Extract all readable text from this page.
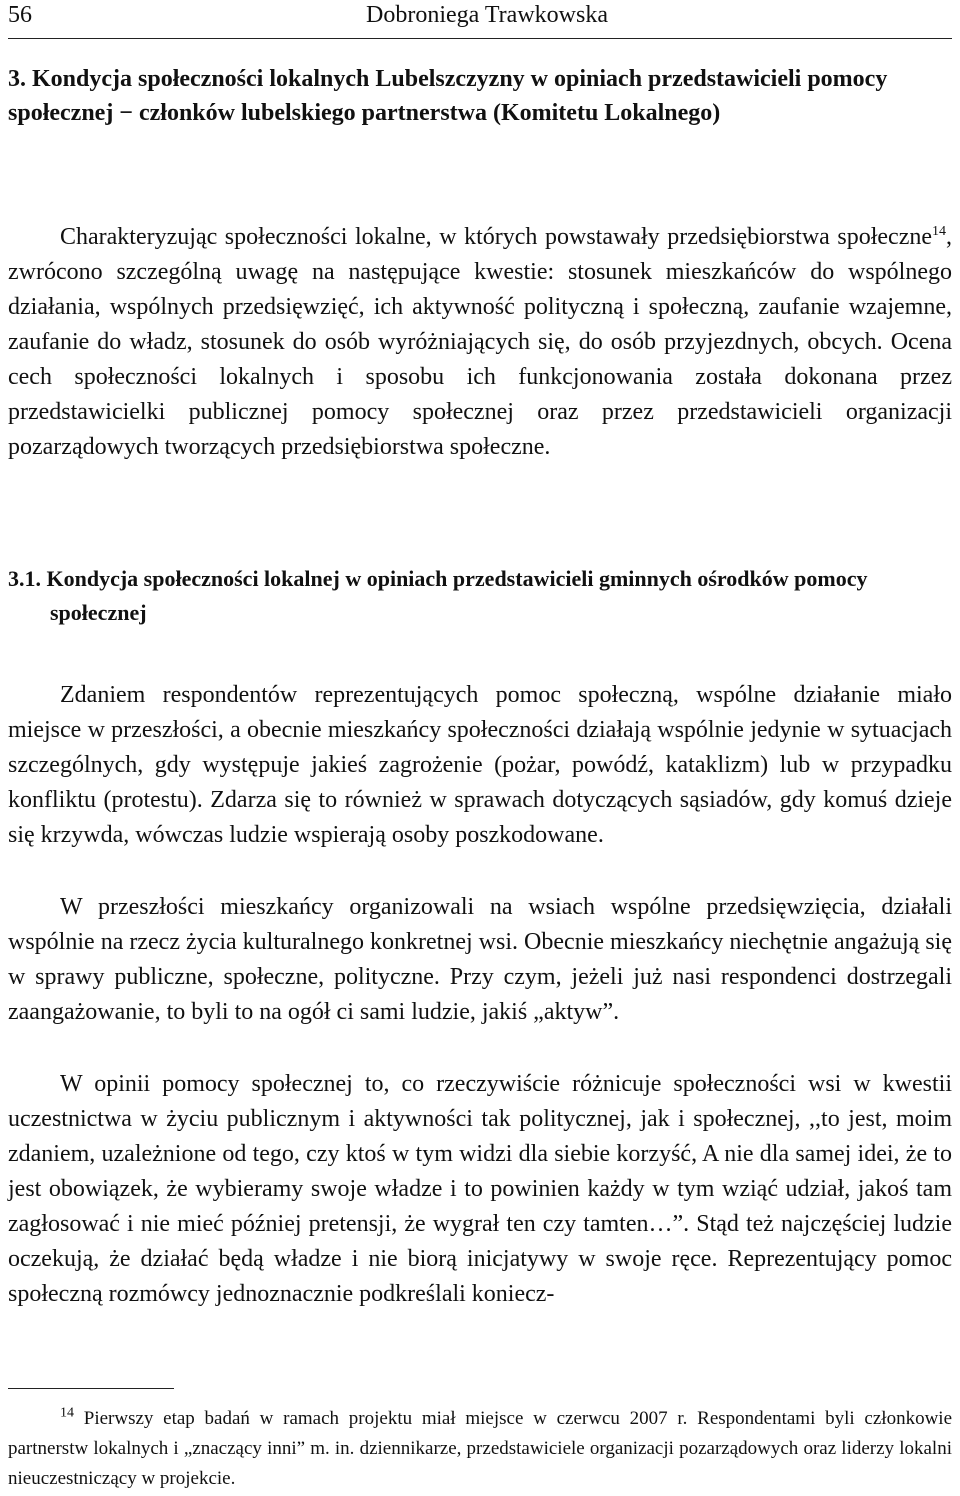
56	Dobroniega Trawkowska
3. Kondycja społeczności lokalnych Lubelszczyzny w opiniach przedstawicieli pomocy społecznej − członków lubelskiego partnerstwa (Komitetu Lokalnego)

Charakteryzując społeczności lokalne, w których powstawały przedsiębiorstwa społeczne$^{14}$, zwrócono szczególną uwagę na następujące kwestie: stosunek mieszkańców do wspólnego działania, wspólnych przedsięwzięć, ich aktywność polityczną i społeczną, zaufanie wzajemne, zaufanie do władz, stosunek do osób wyróżniających się, do osób przyjezdnych, obcych. Ocena cech społeczności lokalnych i sposobu ich funkcjonowania została dokonana przez przedstawicielki publicznej pomocy społecznej oraz przez przedstawicieli organizacji pozarządowych tworzących przedsiębiorstwa społeczne.

3.1. Kondycja społeczności lokalnej w opiniach przedstawicieli gminnych ośrodków pomocy społecznej

Zdaniem respondentów reprezentujących pomoc społeczną, wspólne działanie miało miejsce w przeszłości, a obecnie mieszkańcy społeczności działają wspólnie jedynie w sytuacjach szczególnych, gdy występuje jakieś zagrożenie (pożar, powódź, kataklizm) lub w przypadku konfliktu (protestu). Zdarza się to również w sprawach dotyczących sąsiadów, gdy komuś dzieje się krzywda, wówczas ludzie wspierają osoby poszkodowane.

W przeszłości mieszkańcy organizowali na wsiach wspólne przedsięwzięcia, działali wspólnie na rzecz życia kulturalnego konkretnej wsi. Obecnie mieszkańcy niechętnie angażują się w sprawy publiczne, społeczne, polityczne. Przy czym, jeżeli już nasi respondenci dostrzegali zaangażowanie, to byli to na ogół ci sami ludzie, jakiś „aktyw”.

W opinii pomocy społecznej to, co rzeczywiście różnicuje społeczności wsi w kwestii uczestnictwa w życiu publicznym i aktywności tak politycznej, jak i społecznej, ,,to jest, moim zdaniem, uzależnione od tego, czy ktoś w tym widzi dla siebie korzyść, A nie dla samej idei, że to jest obowiązek, że wybieramy swoje władze i to powinien każdy w tym wziąć udział, jakoś tam zagłosować i nie mieć później pretensji, że wygrał ten czy tamten…”. Stąd też najczęściej ludzie oczekują, że działać będą władze i nie biorą inicjatywy w swoje ręce. Reprezentujący pomoc społeczną rozmówcy jednoznacznie podkreślali koniecz-

$^{14}$ Pierwszy etap badań w ramach projektu miał miejsce w czerwcu 2007 r. Respondentami byli członkowie partnerstw lokalnych i „znaczący inni” m. in. dziennikarze, przedstawiciele organizacji pozarządowych oraz liderzy lokalni nieuczestniczący w projekcie.
